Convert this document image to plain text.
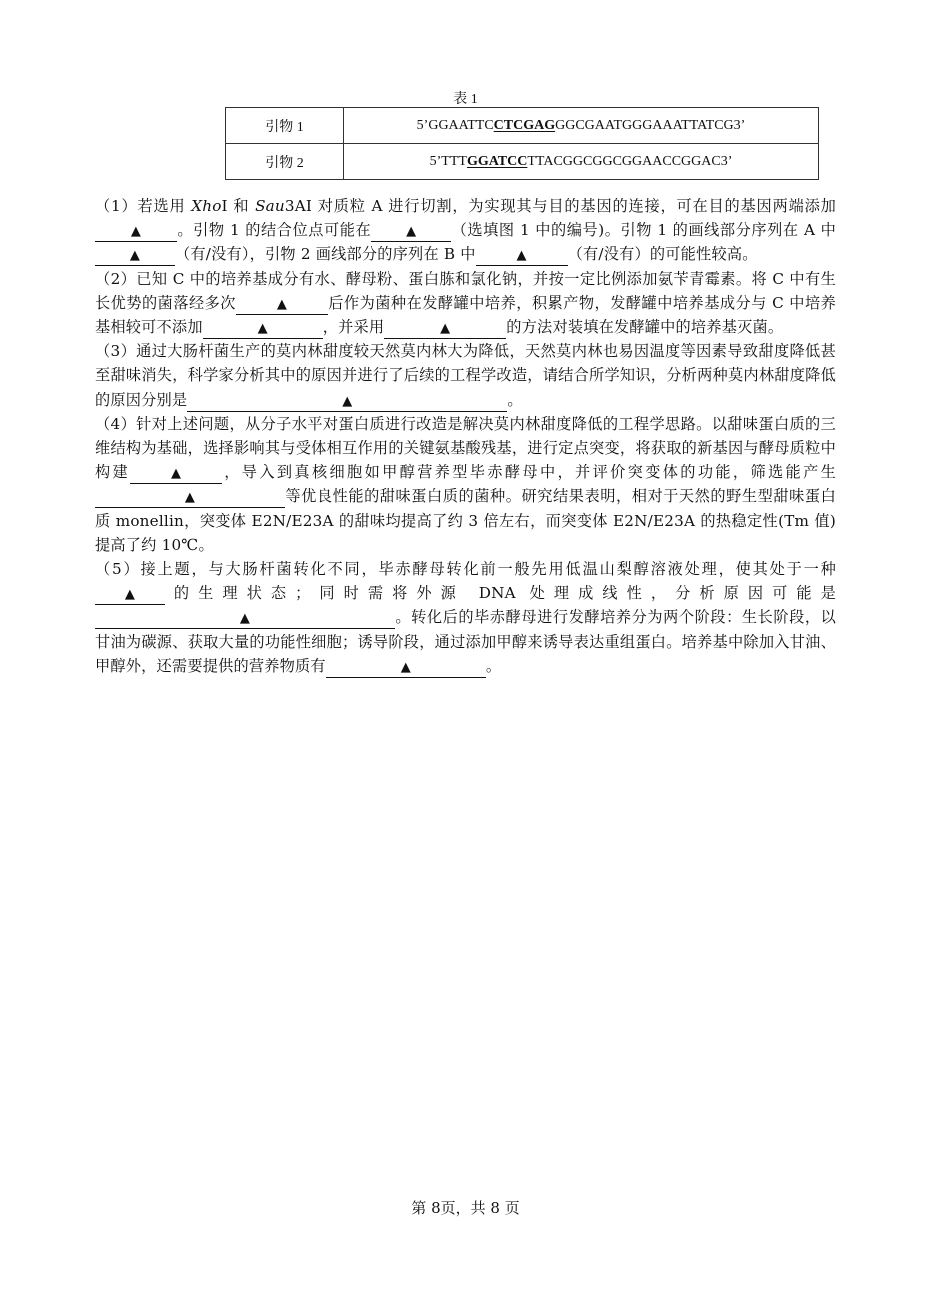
表 1
引物 1	5’GGAATTCCTCGAGGGCGAATGGGAAATTATCG3’
引物 2	5’TTTGGATCCTTACGGCGGCGGAACCGGAC3’

（1）若选用 XhoI 和 Sau3AI 对质粒 A 进行切割，为实现其与目的基因的连接，可在目的基因两端添加▲ 。引物 1 的结合位点可能在	▲ （选填图 1 中的编号)。引物 1 的画线部分序列在 A 中▲ （有/没有），引物 2 画线部分的序列在 B 中	▲	（有/没有）的可能性较高。

（2）已知 C 中的培养基成分有水、酵母粉、蛋白胨和氯化钠，并按一定比例添加氨苄青霉素。将 C 中有生长优势的菌落经多次	▲	后作为菌种在发酵罐中培养，积累产物，发酵罐中培养基成分与 C 中培养基相较可不添加	▲	，并采用	▲	的方法对装填在发酵罐中的培养基灭菌。

（3）通过大肠杆菌生产的莫内林甜度较天然莫内林大为降低，天然莫内林也易因温度等因素导致甜度降低甚至甜味消失，科学家分析其中的原因并进行了后续的工程学改造，请结合所学知识，分析两种莫内林甜度降低的原因分别是	▲	。

（4）针对上述问题，从分子水平对蛋白质进行改造是解决莫内林甜度降低的工程学思路。以甜味蛋白质的三维结构为基础，选择影响其与受体相互作用的关键氨基酸残基，进行定点突变，将获取的新基因与酵母质粒中构建	▲	，导入到真核细胞如甲醇营养型毕赤酵母中，并评价突变体的功能，筛选能产生▲	等优良性能的甜味蛋白质的菌种。研究结果表明，相对于天然的野生型甜味蛋白质 monellin，突变体 E2N/E23A 的甜味均提高了约 3 倍左右，而突变体 E2N/E23A 的热稳定性(Tm 值)提高了约 10℃。

（5）接上题，与大肠杆菌转化不同，毕赤酵母转化前一般先用低温山梨醇溶液处理，使其处于一种▲ 的生理状态；同时需将外源 DNA 处理成线性，分析原因可能是▲	。转化后的毕赤酵母进行发酵培养分为两个阶段：生长阶段，以甘油为碳源、获取大量的功能性细胞；诱导阶段，通过添加甲醇来诱导表达重组蛋白。培养基中除加入甘油、甲醇外，还需要提供的营养物质有	▲	。

第 8页，共 8 页
